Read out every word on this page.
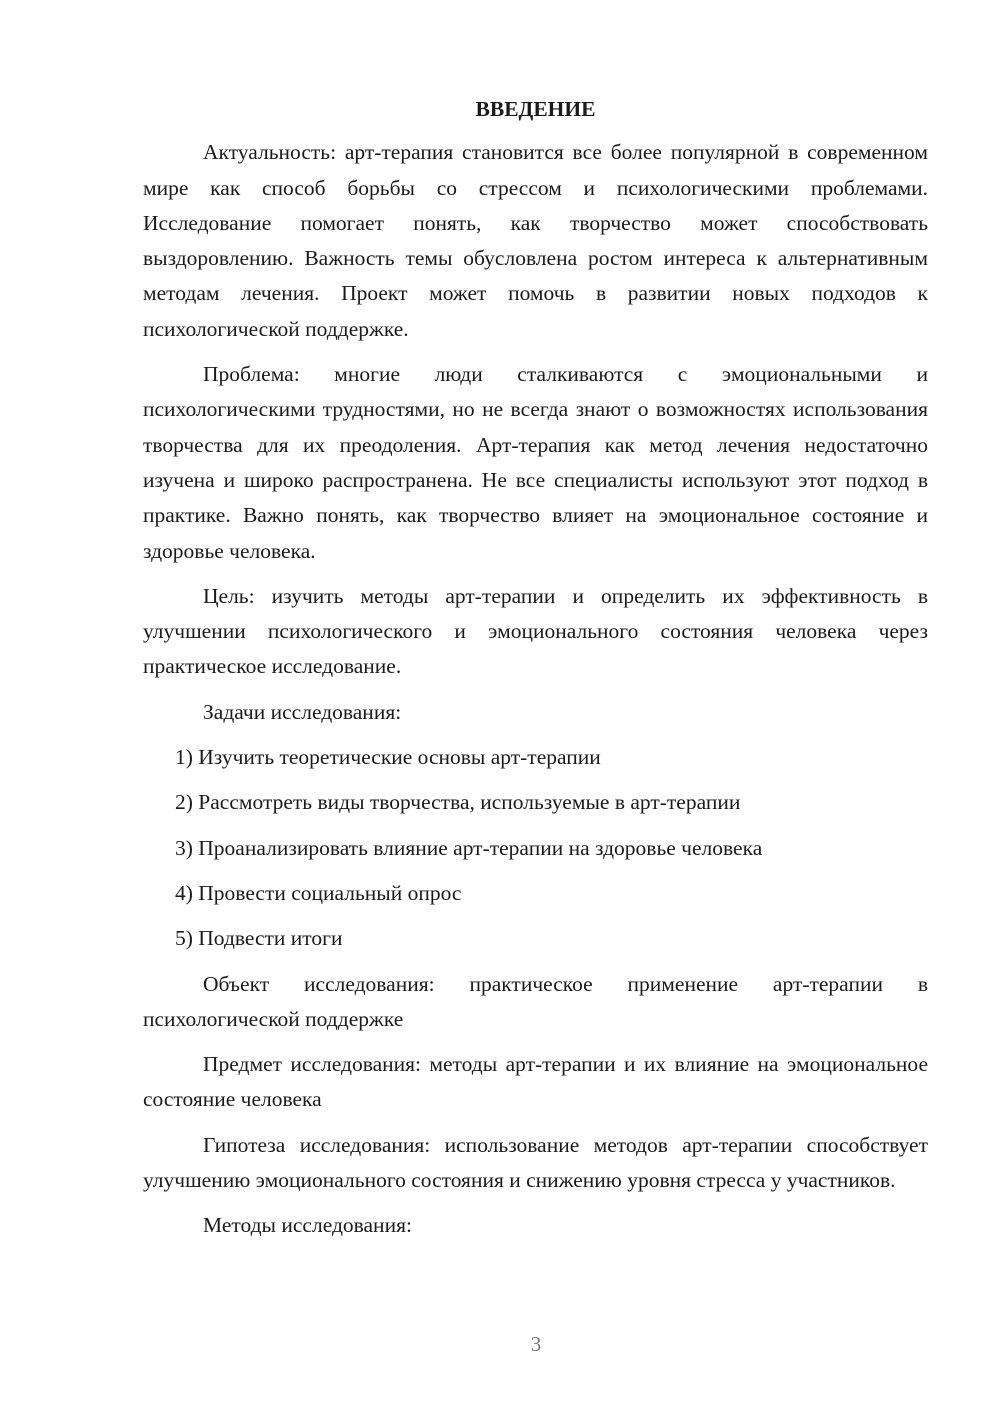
ВВЕДЕНИЕ

Актуальность: арт-терапия становится все более популярной в современном мире как способ борьбы со стрессом и психологическими проблемами. Исследование помогает понять, как творчество может способствовать выздоровлению. Важность темы обусловлена ростом интереса к альтернативным методам лечения. Проект может помочь в развитии новых подходов к психологической поддержке.

Проблема: многие люди сталкиваются с эмоциональными и психологическими трудностями, но не всегда знают о возможностях использования творчества для их преодоления. Арт-терапия как метод лечения недостаточно изучена и широко распространена. Не все специалисты используют этот подход в практике. Важно понять, как творчество влияет на эмоциональное состояние и здоровье человека.

Цель: изучить методы арт-терапии и определить их эффективность в улучшении психологического и эмоционального состояния человека через практическое исследование.

Задачи исследования:

1) Изучить теоретические основы арт-терапии
2) Рассмотреть виды творчества, используемые в арт-терапии
3) Проанализировать влияние арт-терапии на здоровье человека
4) Провести социальный опрос
5) Подвести итоги

Объект исследования: практическое применение арт-терапии в психологической поддержке

Предмет исследования: методы арт-терапии и их влияние на эмоциональное состояние человека

Гипотеза исследования: использование методов арт-терапии способствует улучшению эмоционального состояния и снижению уровня стресса у участников.

Методы исследования:

3
